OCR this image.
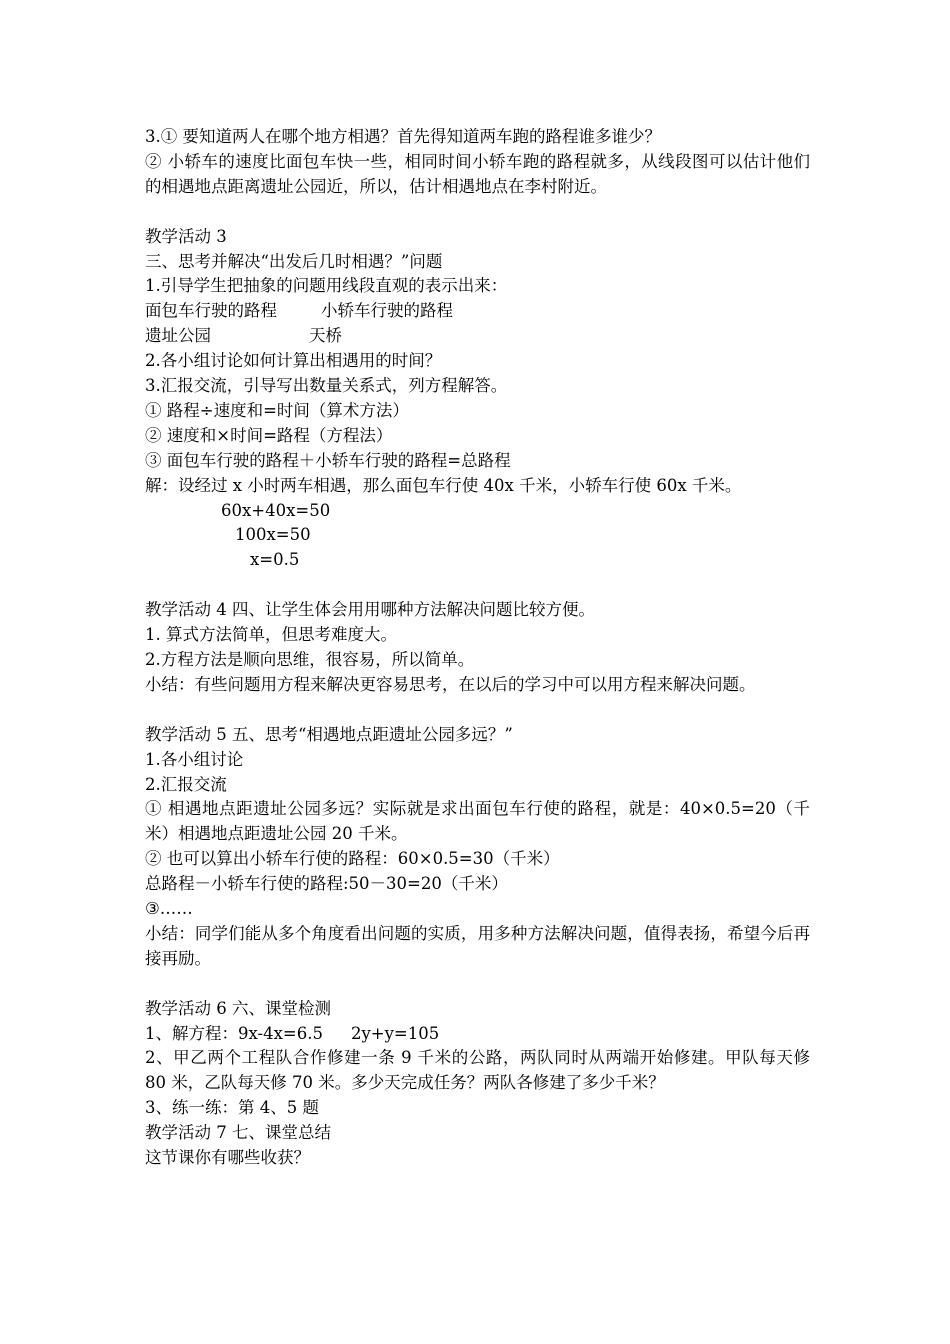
3.① 要知道两人在哪个地方相遇？首先得知道两车跑的路程谁多谁少？
② 小轿车的速度比面包车快一些，相同时间小轿车跑的路程就多，从线段图可以估计他们的相遇地点距离遗址公园近，所以，估计相遇地点在李村附近。
教学活动 3
三、思考并解决“出发后几时相遇？”问题
1.引导学生把抽象的问题用线段直观的表示出来：
面包车行驶的路程	小轿车行驶的路程
遗址公园	天桥
2.各小组讨论如何计算出相遇用的时间？
3.汇报交流，引导写出数量关系式，列方程解答。
① 路程÷速度和=时间（算术方法）
② 速度和×时间=路程（方程法）
③ 面包车行驶的路程＋小轿车行驶的路程=总路程
解：设经过 x 小时两车相遇，那么面包车行使 40x 千米，小轿车行使 60x 千米。
60x+40x=50
100x=50
x=0.5
教学活动 4 四、让学生体会用用哪种方法解决问题比较方便。
1. 算式方法简单，但思考难度大。
2.方程方法是顺向思维，很容易，所以简单。
小结：有些问题用方程来解决更容易思考，在以后的学习中可以用方程来解决问题。
教学活动 5 五、思考“相遇地点距遗址公园多远？”
1.各小组讨论
2.汇报交流
① 相遇地点距遗址公园多远？实际就是求出面包车行使的路程，就是：40×0.5=20（千米）相遇地点距遗址公园 20 千米。
② 也可以算出小轿车行使的路程：60×0.5=30（千米）
总路程－小轿车行使的路程:50－30=20（千米）
③……
小结：同学们能从多个角度看出问题的实质，用多种方法解决问题，值得表扬，希望今后再接再励。
教学活动 6 六、课堂检测
1、解方程：9x-4x=6.5 2y+y=105
2、甲乙两个工程队合作修建一条 9 千米的公路，两队同时从两端开始修建。甲队每天修 80 米，乙队每天修 70 米。多少天完成任务？两队各修建了多少千米？
3、练一练：第 4、5 题
教学活动 7 七、课堂总结
这节课你有哪些收获？
